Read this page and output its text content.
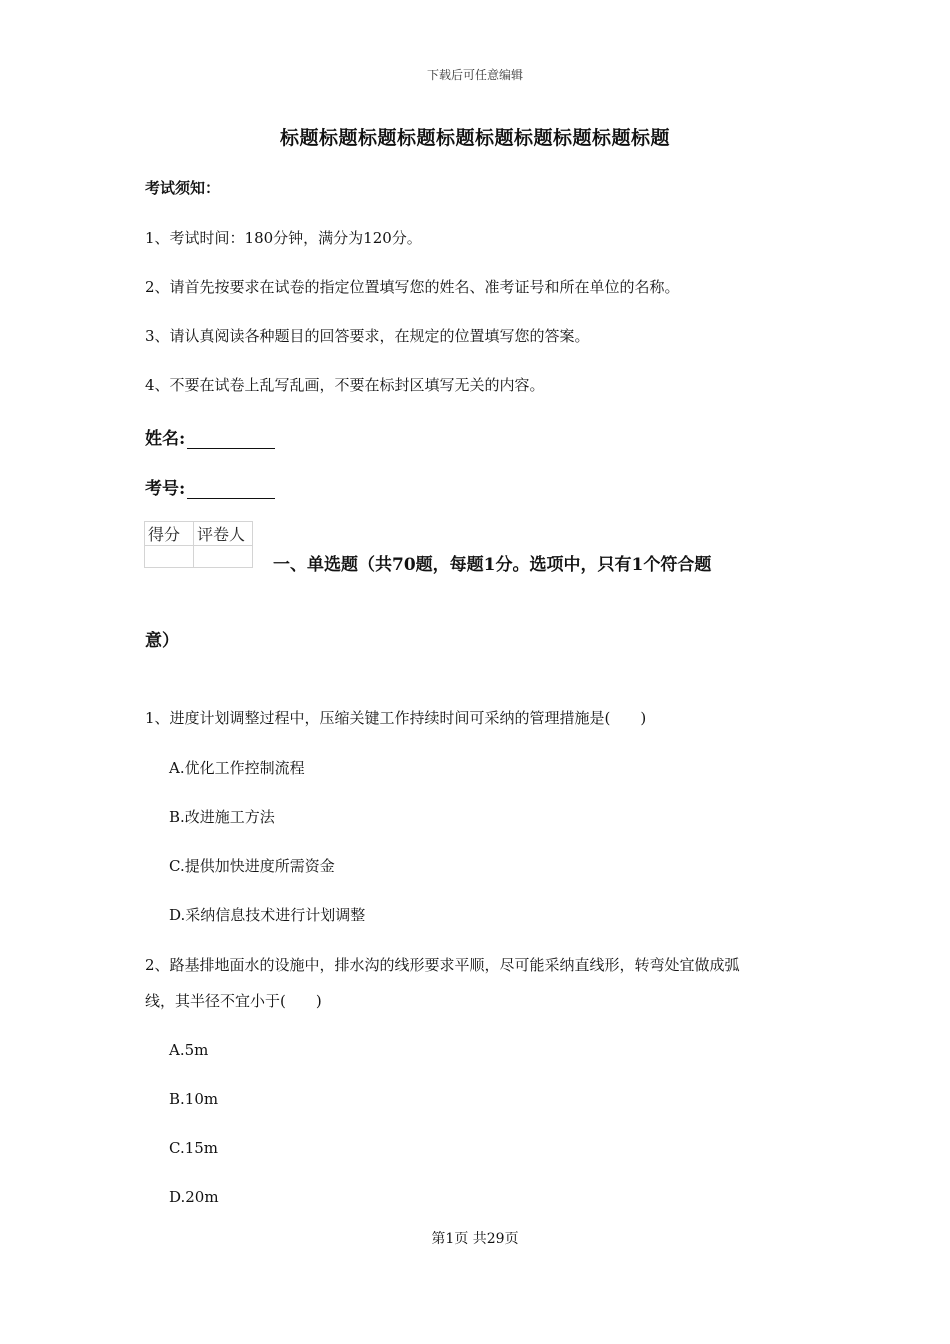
下载后可任意编辑
标题标题标题标题标题标题标题标题标题标题
考试须知：
1、考试时间：180分钟，满分为120分。
2、请首先按要求在试卷的指定位置填写您的姓名、准考证号和所在单位的名称。
3、请认真阅读各种题目的回答要求，在规定的位置填写您的答案。
4、不要在试卷上乱写乱画，不要在标封区填写无关的内容。
姓名:
考号:
得分	评卷人

一、单选题（共70题，每题1分。选项中，只有1个符合题
意）
1、进度计划调整过程中，压缩关键工作持续时间可采纳的管理措施是(　　)
A.优化工作控制流程
B.改进施工方法
C.提供加快进度所需资金
D.采纳信息技术进行计划调整
2、路基排地面水的设施中，排水沟的线形要求平顺，尽可能采纳直线形，转弯处宜做成弧
线，其半径不宜小于(　　)
A.5m
B.10m
C.15m
D.20m
第1页 共29页
